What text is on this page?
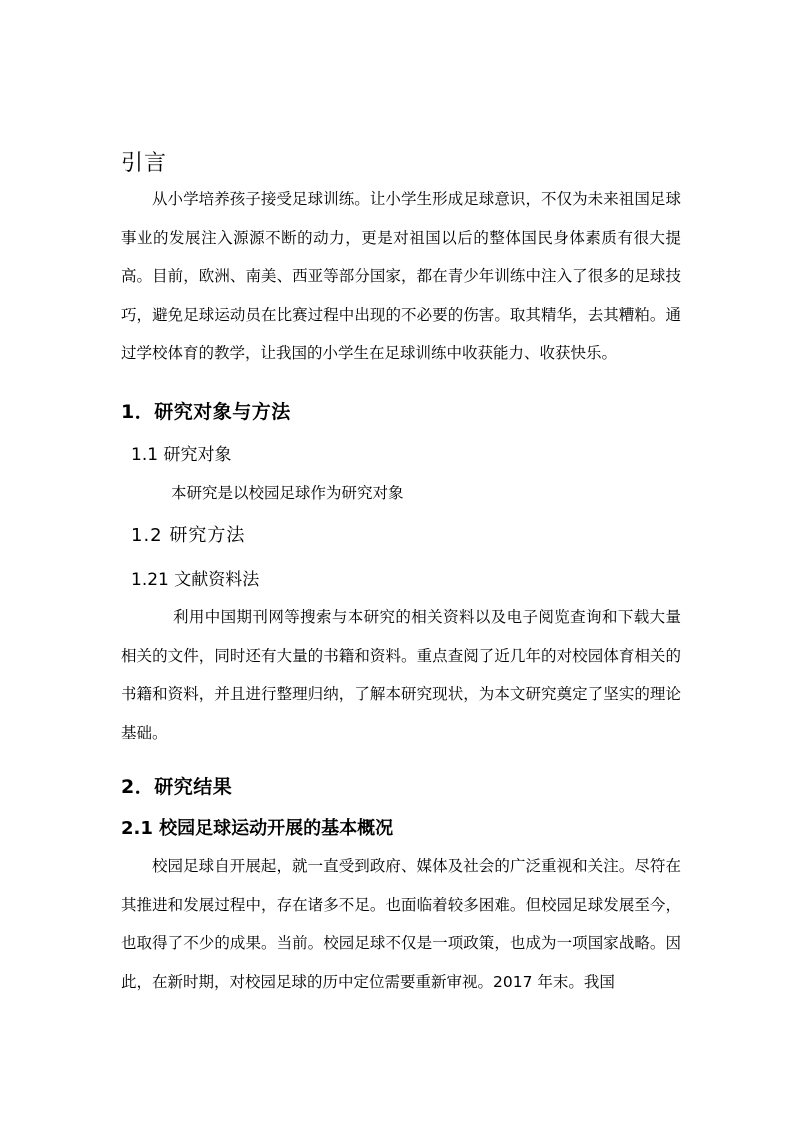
引言

从小学培养孩子接受足球训练。让小学生形成足球意识，不仅为未来祖国足球事业的发展注入源源不断的动力，更是对祖国以后的整体国民身体素质有很大提高。目前，欧洲、南美、西亚等部分国家，都在青少年训练中注入了很多的足球技巧，避免足球运动员在比赛过程中出现的不必要的伤害。取其精华，去其糟粕。通过学校体育的教学，让我国的小学生在足球训练中收获能力、收获快乐。

1．研究对象与方法
1.1 研究对象

本研究是以校园足球作为研究对象

1.2 研究方法
1.21 文献资料法

利用中国期刊网等搜索与本研究的相关资料以及电子阅览查询和下载大量相关的文件，同时还有大量的书籍和资料。重点查阅了近几年的对校园体育相关的书籍和资料，并且进行整理归纳，了解本研究现状，为本文研究奠定了坚实的理论基础。

2．研究结果
2.1 校园足球运动开展的基本概况

校园足球自开展起，就一直受到政府、媒体及社会的广泛重视和关注。尽符在其推进和发展过程中，存在诸多不足。也面临着较多困难。但校园足球发展至今，也取得了不少的成果。当前。校园足球不仅是一项政策，也成为一项国家战略。因此，在新时期，对校园足球的历中定位需要重新审视。2017 年末。我国
